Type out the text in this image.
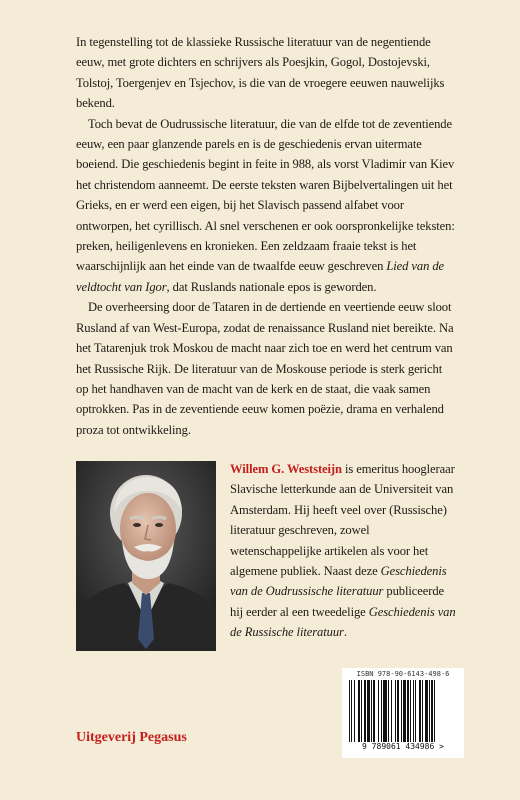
In tegenstelling tot de klassieke Russische literatuur van de negentiende eeuw, met grote dichters en schrijvers als Poesjkin, Gogol, Dostojevski, Tolstoj, Toergenjev en Tsjechov, is die van de vroegere eeuwen nauwelijks bekend.

Toch bevat de Oudrussische literatuur, die van de elfde tot de zeventiende eeuw, een paar glanzende parels en is de geschiedenis ervan uitermate boeiend. Die geschiedenis begint in feite in 988, als vorst Vladimir van Kiev het christendom aanneemt. De eerste teksten waren Bijbelvertalingen uit het Grieks, en er werd een eigen, bij het Slavisch passend alfabet voor ontworpen, het cyrillisch. Al snel verschenen er ook oorspronkelijke teksten: preken, heiligenlevens en kronieken. Een zeldzaam fraaie tekst is het waarschijnlijk aan het einde van de twaalfde eeuw geschreven Lied van de veldtocht van Igor, dat Ruslands nationale epos is geworden.

De overheersing door de Tataren in de dertiende en veertiende eeuw sloot Rusland af van West-Europa, zodat de renaissance Rusland niet bereikte. Na het Tatarenjuk trok Moskou de macht naar zich toe en werd het centrum van het Russische Rijk. De literatuur van de Moskouse periode is sterk gericht op het handhaven van de macht van de kerk en de staat, die vaak samen optrokken. Pas in de zeventiende eeuw komen poëzie, drama en verhalend proza tot ontwikkeling.

Willem G. Weststeijn is emeritus hoogleraar Slavische letterkunde aan de Universiteit van Amsterdam. Hij heeft veel over (Russische) literatuur geschreven, zowel wetenschappelijke artikelen als voor het algemene publiek. Naast deze Geschiedenis van de Oudrussische literatuur publiceerde hij eerder al een tweedelige Geschiedenis van de Russische literatuur.

Uitgeverij Pegasus
ISBN 978-90-6143-498-6
9 789061 434986 >
